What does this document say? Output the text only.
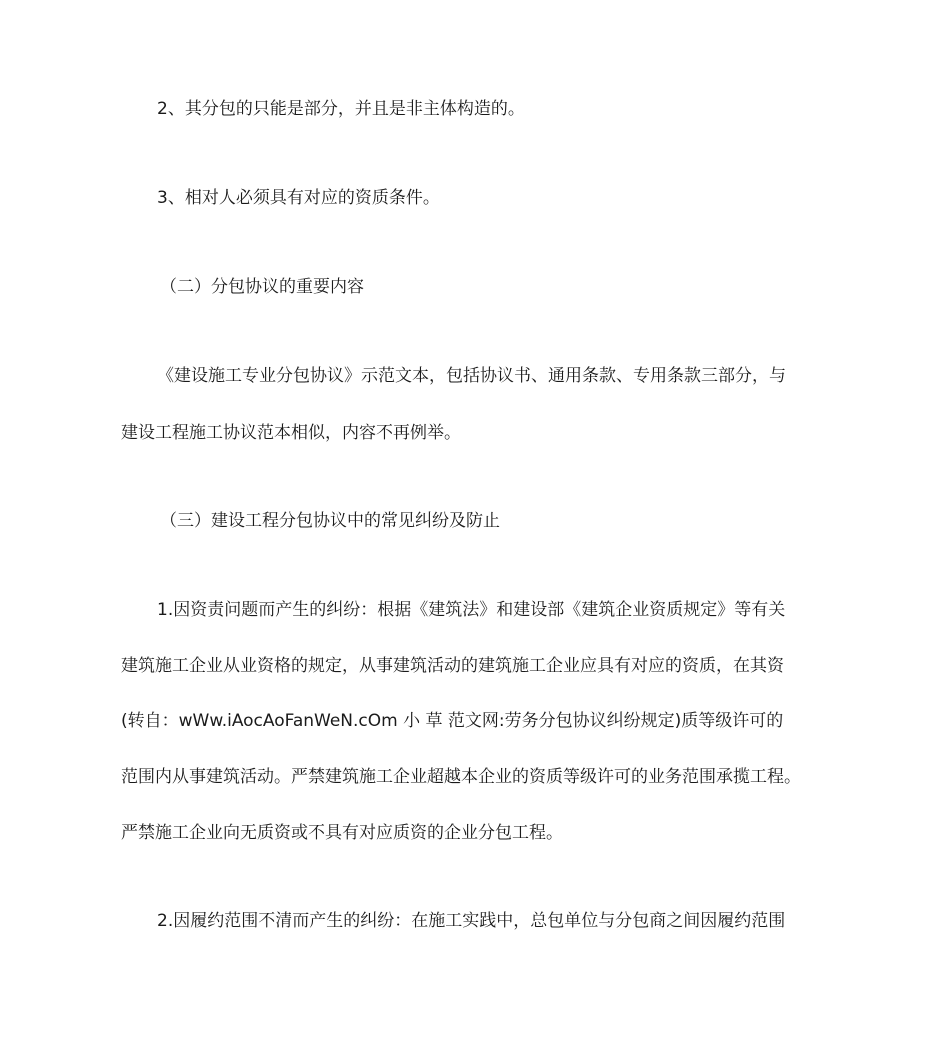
2、其分包的只能是部分，并且是非主体构造的。
3、相对人必须具有对应的资质条件。
（二）分包协议的重要内容
《建设施工专业分包协议》示范文本，包括协议书、通用条款、专用条款三部分，与
建设工程施工协议范本相似，内容不再例举。
（三）建设工程分包协议中的常见纠纷及防止
1.因资责问题而产生的纠纷：根据《建筑法》和建设部《建筑企业资质规定》等有关
建筑施工企业从业资格的规定，从事建筑活动的建筑施工企业应具有对应的资质，在其资
(转自：wWw.iAocAoFanWeN.cOm 小 草 范文网:劳务分包协议纠纷规定)质等级许可的
范围内从事建筑活动。严禁建筑施工企业超越本企业的资质等级许可的业务范围承揽工程。
严禁施工企业向无质资或不具有对应质资的企业分包工程。
2.因履约范围不清而产生的纠纷：在施工实践中，总包单位与分包商之间因履约范围
